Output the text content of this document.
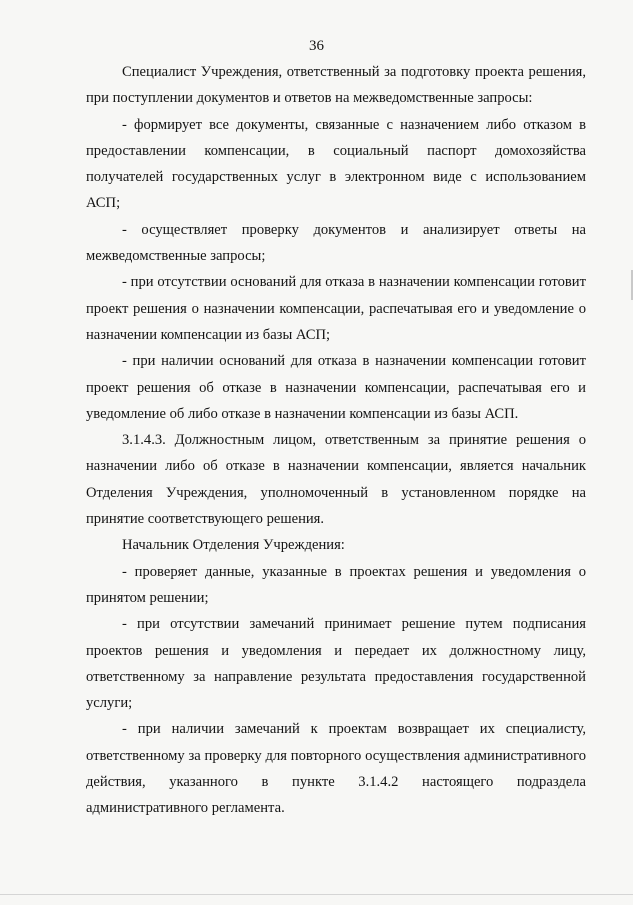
36

Специалист Учреждения, ответственный за подготовку проекта решения, при поступлении документов и ответов на межведомственные запросы:

- формирует все документы, связанные с назначением либо отказом в предоставлении компенсации, в социальный паспорт домохозяйства получателей государственных услуг в электронном виде с использованием АСП;

- осуществляет проверку документов и анализирует ответы на межведомственные запросы;

- при отсутствии оснований для отказа в назначении компенсации готовит проект решения о назначении компенсации, распечатывая его и уведомление о назначении компенсации из базы АСП;

- при наличии оснований для отказа в назначении компенсации готовит проект решения об отказе в назначении компенсации, распечатывая его и уведомление об либо отказе в назначении компенсации из базы АСП.

3.1.4.3. Должностным лицом, ответственным за принятие решения о назначении либо об отказе в назначении компенсации, является начальник Отделения Учреждения, уполномоченный в установленном порядке на принятие соответствующего решения.

Начальник Отделения Учреждения:

- проверяет данные, указанные в проектах решения и уведомления о принятом решении;

- при отсутствии замечаний принимает решение путем подписания проектов решения и уведомления и передает их должностному лицу, ответственному за направление результата предоставления государственной услуги;

- при наличии замечаний к проектам возвращает их специалисту, ответственному за проверку для повторного осуществления административного действия, указанного в пункте 3.1.4.2 настоящего подраздела административного регламента.
